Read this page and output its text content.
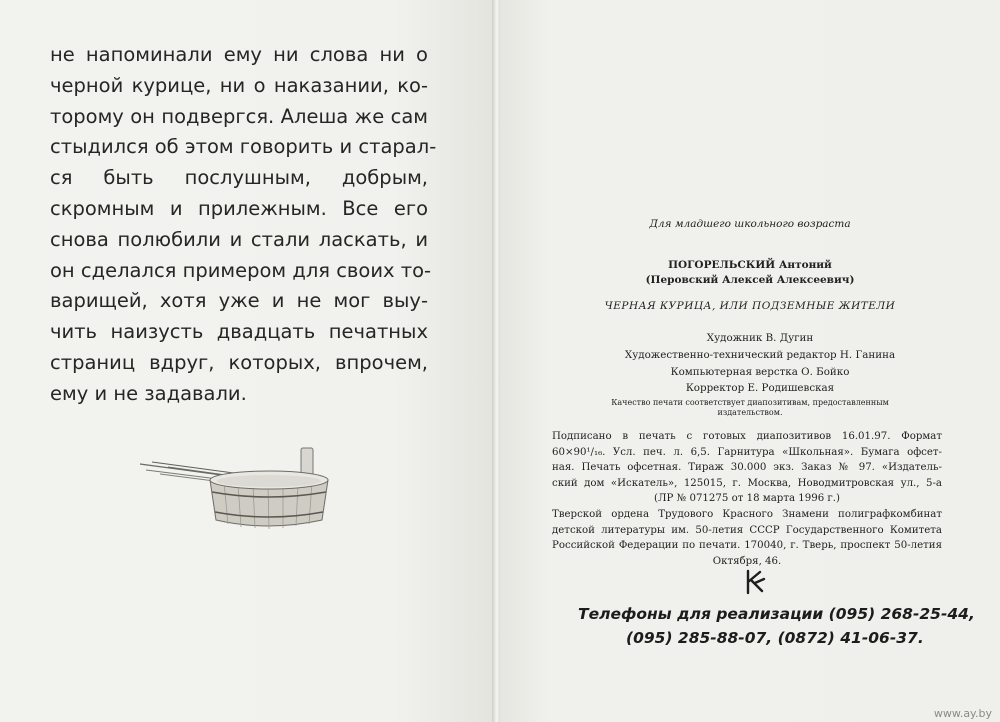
не напоминали ему ни слова ни о
черной курице, ни о наказании, ко-
торому он подвергся. Алеша же сам
стыдился об этом говорить и старал-
ся быть послушным, добрым,
скромным и прилежным. Все его
снова полюбили и стали ласкать, и
он сделался примером для своих то-
варищей, хотя уже и не мог выу-
чить наизусть двадцать печатных
страниц вдруг, которых, впрочем,
ему и не задавали.
Для младшего школьного возраста
ПОГОРЕЛЬСКИЙ Антоний
(Перовский Алексей Алексеевич)
ЧЕРНАЯ КУРИЦА, ИЛИ ПОДЗЕМНЫЕ ЖИТЕЛИ
Художник В. Дугин
Художественно-технический редактор Н. Ганина
Компьютерная верстка О. Бойко
Корректор Е. Родишевская
Качество печати соответствует диапозитивам, предоставленным
издательством.
Подписано в печать с готовых диапозитивов 16.01.97. Формат
60×90¹/₁₆. Усл. печ. л. 6,5. Гарнитура «Школьная». Бумага офсет-
ная. Печать офсетная. Тираж 30.000 экз. Заказ № 97. «Издатель-
ский дом «Искатель», 125015, г. Москва, Новодмитровская ул., 5-а
(ЛР № 071275 от 18 марта 1996 г.)
Тверской ордена Трудового Красного Знамени полиграфкомбинат
детской литературы им. 50-летия СССР Государственного Комитета
Российской Федерации по печати. 170040, г. Тверь, проспект 50-летия
Октября, 46.
Телефоны для реализации (095) 268-25-44,
(095) 285-88-07, (0872) 41-06-37.
www.ay.by
